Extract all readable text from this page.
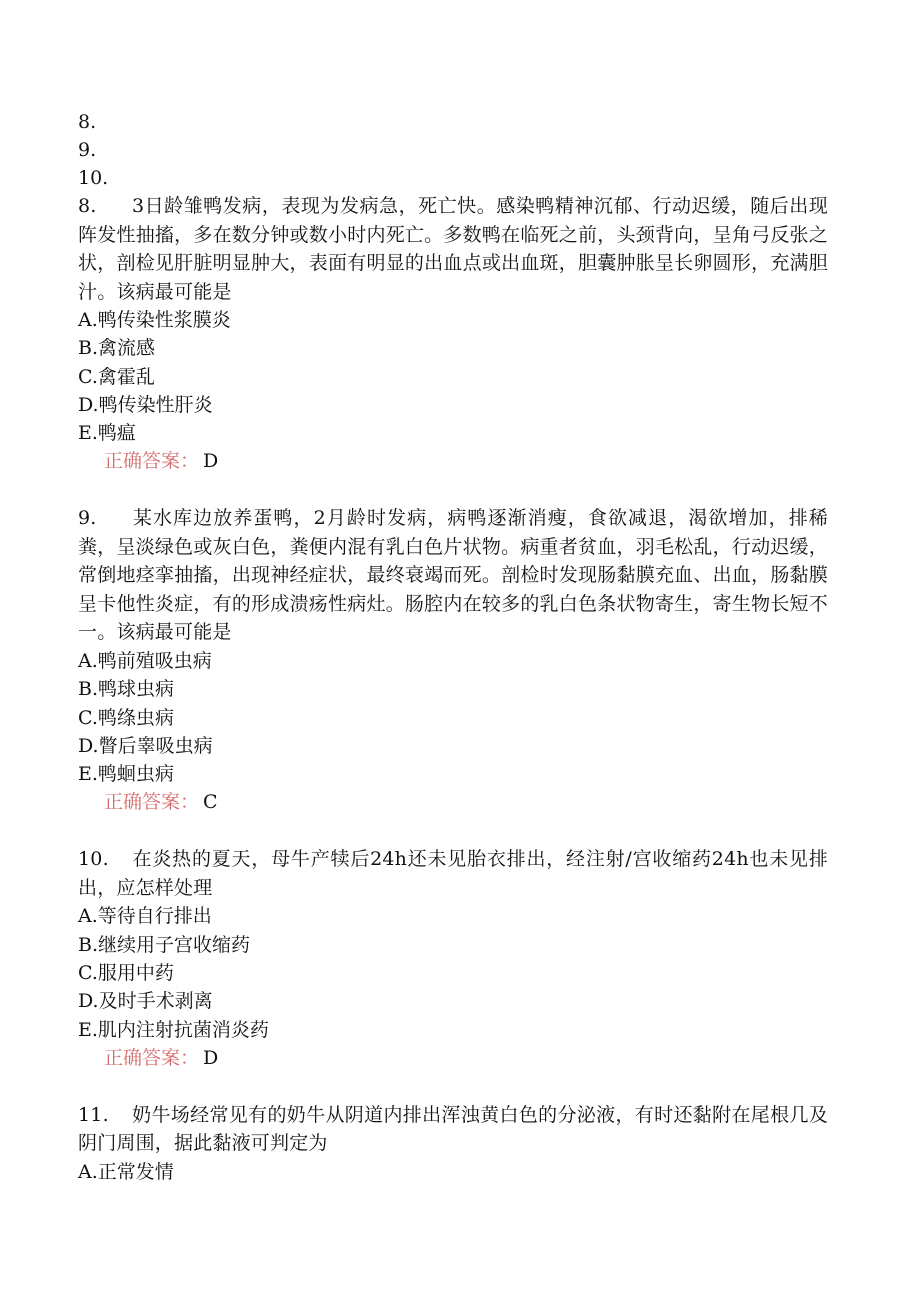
8.
9.
10.
8. 3日龄雏鸭发病，表现为发病急，死亡快。感染鸭精神沉郁、行动迟缓，随后出现阵发性抽搐，多在数分钟或数小时内死亡。多数鸭在临死之前，头颈背向，呈角弓反张之状，剖检见肝脏明显肿大，表面有明显的出血点或出血斑，胆囊肿胀呈长卵圆形，充满胆汁。该病最可能是
A.鸭传染性浆膜炎
B.禽流感
C.禽霍乱
D.鸭传染性肝炎
E.鸭瘟
正确答案： D
9. 某水库边放养蛋鸭，2月龄时发病，病鸭逐渐消瘦，食欲减退，渴欲增加，排稀粪，呈淡绿色或灰白色，粪便内混有乳白色片状物。病重者贫血，羽毛松乱，行动迟缓，常倒地痉挛抽搐，出现神经症状，最终衰竭而死。剖检时发现肠黏膜充血、出血，肠黏膜呈卡他性炎症，有的形成溃疡性病灶。肠腔内在较多的乳白色条状物寄生，寄生物长短不一。该病最可能是
A.鸭前殖吸虫病
B.鸭球虫病
C.鸭绦虫病
D.瞥后睾吸虫病
E.鸭蛔虫病
正确答案： C
10. 在炎热的夏天，母牛产犊后24h还未见胎衣排出，经注射/宫收缩药24h也未见排出，应怎样处理
A.等待自行排出
B.继续用子宫收缩药
C.服用中药
D.及时手术剥离
E.肌内注射抗菌消炎药
正确答案： D
11. 奶牛场经常见有的奶牛从阴道内排出浑浊黄白色的分泌液，有时还黏附在尾根几及阴门周围，据此黏液可判定为
A.正常发情
